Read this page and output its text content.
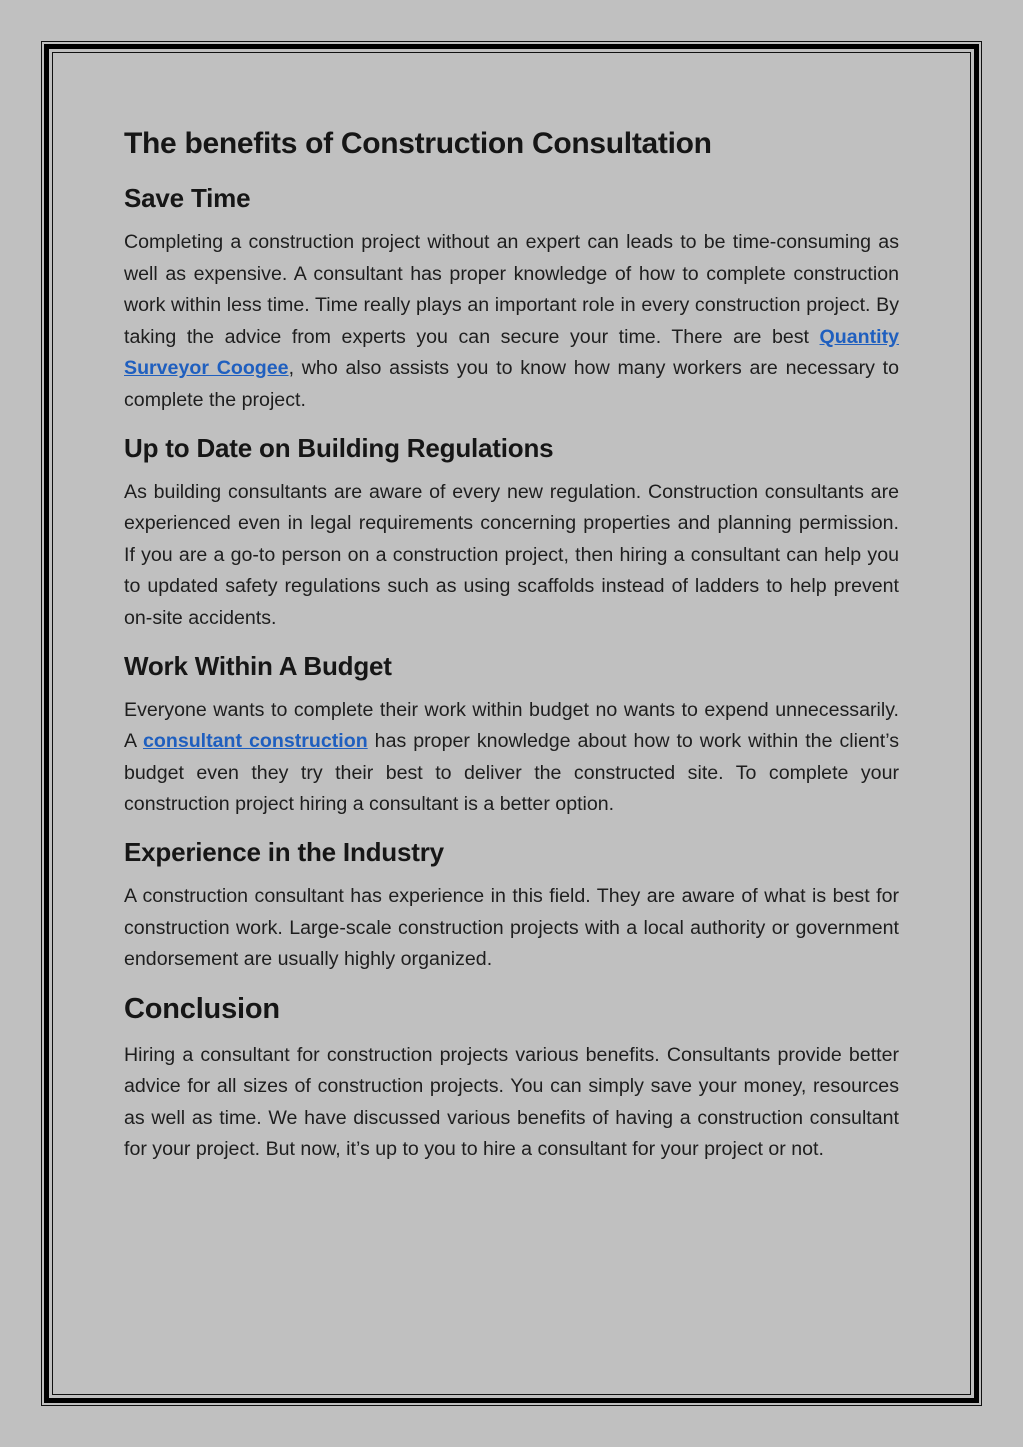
The benefits of Construction Consultation
Save Time

Completing a construction project without an expert can leads to be time-consuming as well as expensive. A consultant has proper knowledge of how to complete construction work within less time. Time really plays an important role in every construction project. By taking the advice from experts you can secure your time. There are best Quantity Surveyor Coogee, who also assists you to know how many workers are necessary to complete the project.

Up to Date on Building Regulations

As building consultants are aware of every new regulation. Construction consultants are experienced even in legal requirements concerning properties and planning permission. If you are a go-to person on a construction project, then hiring a consultant can help you to updated safety regulations such as using scaffolds instead of ladders to help prevent on-site accidents.

Work Within A Budget

Everyone wants to complete their work within budget no wants to expend unnecessarily. A consultant construction has proper knowledge about how to work within the client’s budget even they try their best to deliver the constructed site. To complete your construction project hiring a consultant is a better option.

Experience in the Industry

A construction consultant has experience in this field. They are aware of what is best for construction work. Large-scale construction projects with a local authority or government endorsement are usually highly organized.

Conclusion

Hiring a consultant for construction projects various benefits. Consultants provide better advice for all sizes of construction projects. You can simply save your money, resources as well as time. We have discussed various benefits of having a construction consultant for your project. But now, it’s up to you to hire a consultant for your project or not.
